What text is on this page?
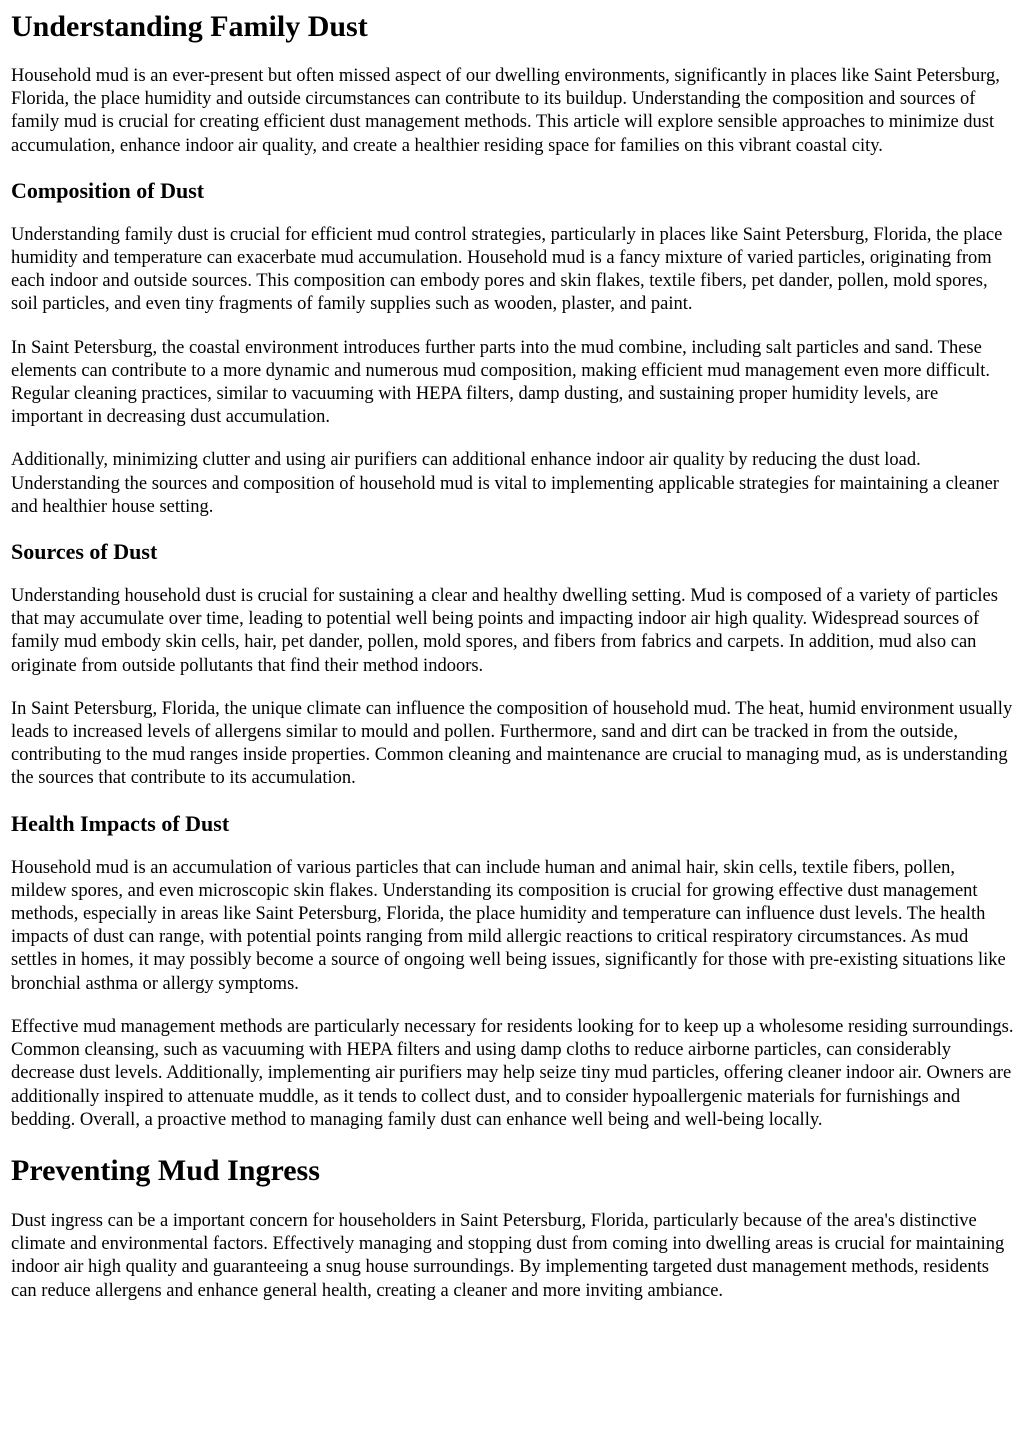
Understanding Family Dust

Household mud is an ever-present but often missed aspect of our dwelling environments, significantly in places like Saint Petersburg, Florida, the place humidity and outside circumstances can contribute to its buildup. Understanding the composition and sources of family mud is crucial for creating efficient dust management methods. This article will explore sensible approaches to minimize dust accumulation, enhance indoor air quality, and create a healthier residing space for families on this vibrant coastal city.

Composition of Dust

Understanding family dust is crucial for efficient mud control strategies, particularly in places like Saint Petersburg, Florida, the place humidity and temperature can exacerbate mud accumulation. Household mud is a fancy mixture of varied particles, originating from each indoor and outside sources. This composition can embody pores and skin flakes, textile fibers, pet dander, pollen, mold spores, soil particles, and even tiny fragments of family supplies such as wooden, plaster, and paint.

In Saint Petersburg, the coastal environment introduces further parts into the mud combine, including salt particles and sand. These elements can contribute to a more dynamic and numerous mud composition, making efficient mud management even more difficult. Regular cleaning practices, similar to vacuuming with HEPA filters, damp dusting, and sustaining proper humidity levels, are important in decreasing dust accumulation.

Additionally, minimizing clutter and using air purifiers can additional enhance indoor air quality by reducing the dust load. Understanding the sources and composition of household mud is vital to implementing applicable strategies for maintaining a cleaner and healthier house setting.

Sources of Dust

Understanding household dust is crucial for sustaining a clear and healthy dwelling setting. Mud is composed of a variety of particles that may accumulate over time, leading to potential well being points and impacting indoor air high quality. Widespread sources of family mud embody skin cells, hair, pet dander, pollen, mold spores, and fibers from fabrics and carpets. In addition, mud also can originate from outside pollutants that find their method indoors.

In Saint Petersburg, Florida, the unique climate can influence the composition of household mud. The heat, humid environment usually leads to increased levels of allergens similar to mould and pollen. Furthermore, sand and dirt can be tracked in from the outside, contributing to the mud ranges inside properties. Common cleaning and maintenance are crucial to managing mud, as is understanding the sources that contribute to its accumulation.

Health Impacts of Dust

Household mud is an accumulation of various particles that can include human and animal hair, skin cells, textile fibers, pollen, mildew spores, and even microscopic skin flakes. Understanding its composition is crucial for growing effective dust management methods, especially in areas like Saint Petersburg, Florida, the place humidity and temperature can influence dust levels. The health impacts of dust can range, with potential points ranging from mild allergic reactions to critical respiratory circumstances. As mud settles in homes, it may possibly become a source of ongoing well being issues, significantly for those with pre-existing situations like bronchial asthma or allergy symptoms.

Effective mud management methods are particularly necessary for residents looking for to keep up a wholesome residing surroundings. Common cleansing, such as vacuuming with HEPA filters and using damp cloths to reduce airborne particles, can considerably decrease dust levels. Additionally, implementing air purifiers may help seize tiny mud particles, offering cleaner indoor air. Owners are additionally inspired to attenuate muddle, as it tends to collect dust, and to consider hypoallergenic materials for furnishings and bedding. Overall, a proactive method to managing family dust can enhance well being and well-being locally.

Preventing Mud Ingress

Dust ingress can be a important concern for householders in Saint Petersburg, Florida, particularly because of the area's distinctive climate and environmental factors. Effectively managing and stopping dust from coming into dwelling areas is crucial for maintaining indoor air high quality and guaranteeing a snug house surroundings. By implementing targeted dust management methods, residents can reduce allergens and enhance general health, creating a cleaner and more inviting ambiance.
